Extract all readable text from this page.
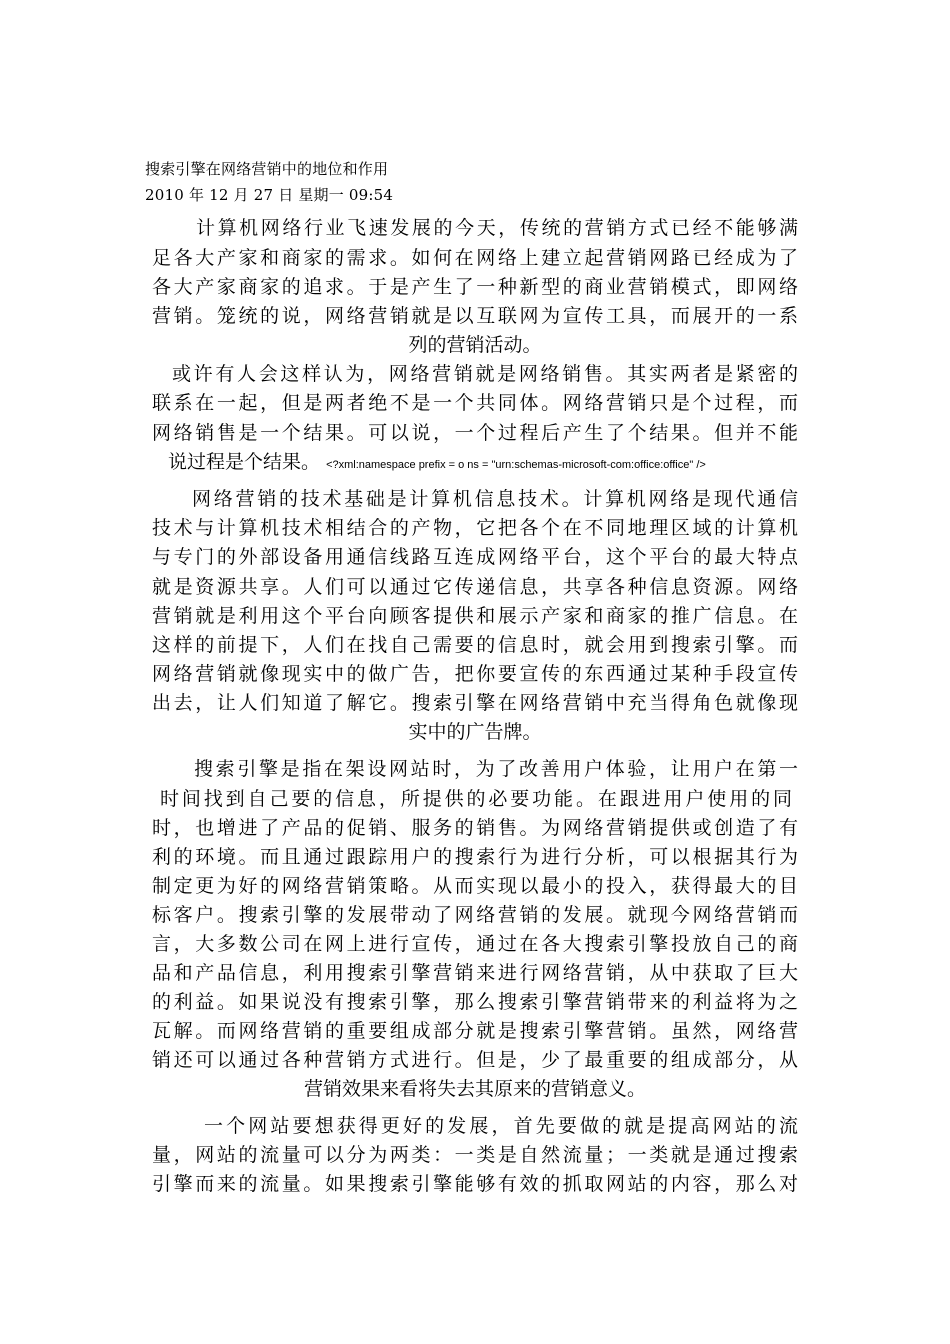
搜索引擎在网络营销中的地位和作用
2010 年 12 月 27 日 星期一 09:54
计算机网络行业飞速发展的今天，传统的营销方式已经不能够满
足各大产家和商家的需求。如何在网络上建立起营销网路已经成为了
各大产家商家的追求。于是产生了一种新型的商业营销模式，即网络
营销。笼统的说，网络营销就是以互联网为宣传工具，而展开的一系
列的营销活动。
或许有人会这样认为，网络营销就是网络销售。其实两者是紧密的
联系在一起，但是两者绝不是一个共同体。网络营销只是个过程，而
网络销售是一个结果。可以说，一个过程后产生了个结果。但并不能
说过程是个结果。 <?xml:namespace prefix = o ns = "urn:schemas-microsoft-com:office:office" />
网络营销的技术基础是计算机信息技术。计算机网络是现代通信
技术与计算机技术相结合的产物，它把各个在不同地理区域的计算机
与专门的外部设备用通信线路互连成网络平台，这个平台的最大特点
就是资源共享。人们可以通过它传递信息，共享各种信息资源。网络
营销就是利用这个平台向顾客提供和展示产家和商家的推广信息。在
这样的前提下，人们在找自己需要的信息时，就会用到搜索引擎。而
网络营销就像现实中的做广告，把你要宣传的东西通过某种手段宣传
出去，让人们知道了解它。搜索引擎在网络营销中充当得角色就像现
实中的广告牌。
搜索引擎是指在架设网站时，为了改善用户体验，让用户在第一
时间找到自己要的信息，所提供的必要功能。在跟进用户使用的同
时，也增进了产品的促销、服务的销售。为网络营销提供或创造了有
利的环境。而且通过跟踪用户的搜索行为进行分析，可以根据其行为
制定更为好的网络营销策略。从而实现以最小的投入，获得最大的目
标客户。搜索引擎的发展带动了网络营销的发展。就现今网络营销而
言，大多数公司在网上进行宣传，通过在各大搜索引擎投放自己的商
品和产品信息，利用搜索引擎营销来进行网络营销，从中获取了巨大
的利益。如果说没有搜索引擎，那么搜索引擎营销带来的利益将为之
瓦解。而网络营销的重要组成部分就是搜索引擎营销。虽然，网络营
销还可以通过各种营销方式进行。但是，少了最重要的组成部分，从
营销效果来看将失去其原来的营销意义。
一个网站要想获得更好的发展，首先要做的就是提高网站的流
量，网站的流量可以分为两类：一类是自然流量；一类就是通过搜索
引擎而来的流量。如果搜索引擎能够有效的抓取网站的内容，那么对
